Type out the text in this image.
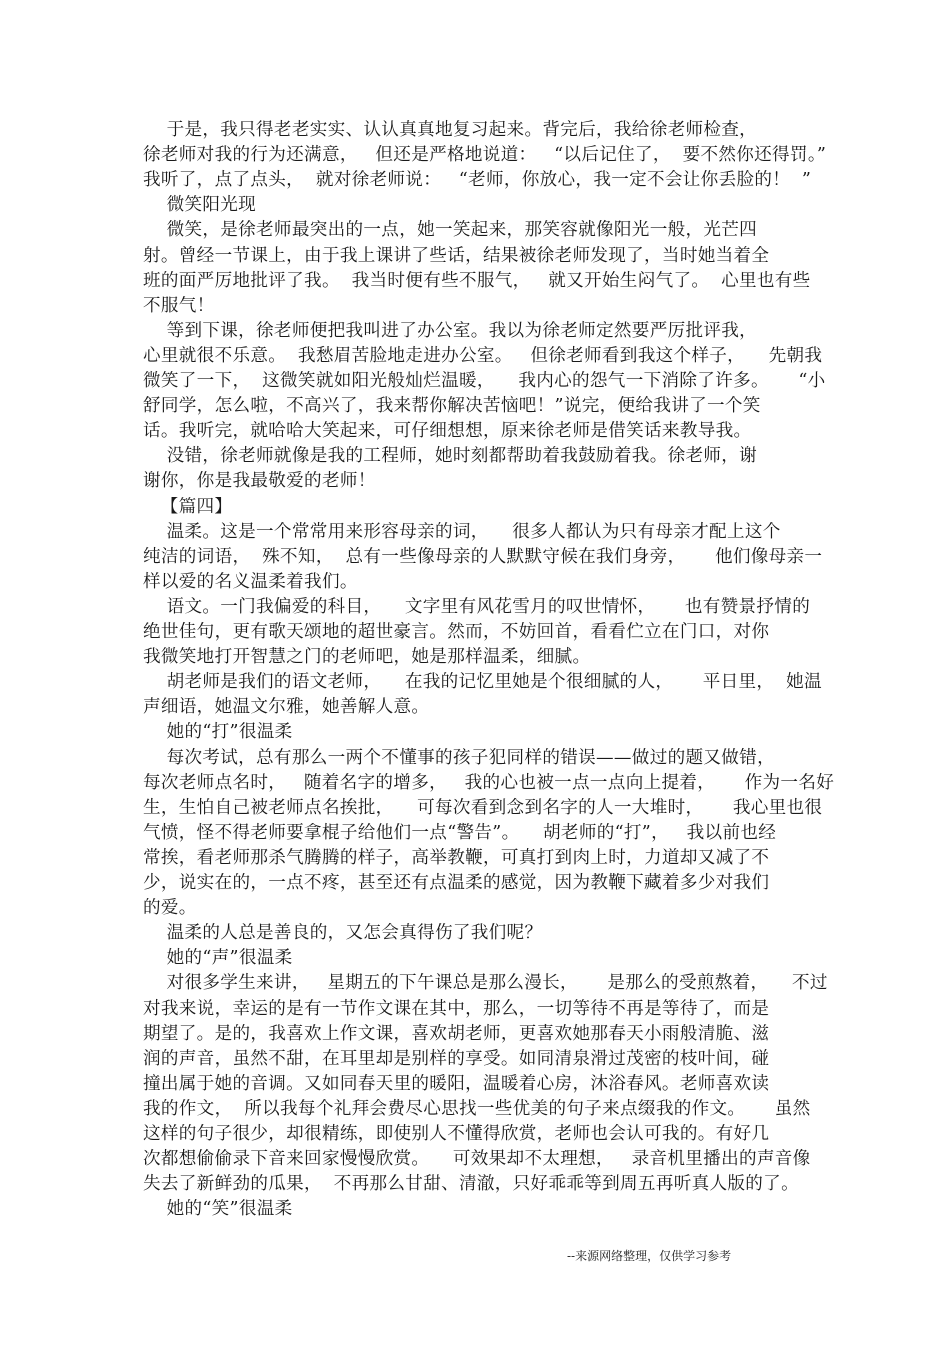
于是，我只得老老实实、认认真真地复习起来。背完后，我给徐老师检查，
徐老师对我的行为还满意，   但还是严格地说道：   “以后记住了，  要不然你还得罚。”
我听了，点了点头，  就对徐老师说：   “老师，你放心，我一定不会让你丢脸的！  ”
微笑阳光现
微笑，是徐老师最突出的一点，她一笑起来，那笑容就像阳光一般，光芒四
射。曾经一节课上，由于我上课讲了些话，结果被徐老师发现了，当时她当着全
班的面严厉地批评了我。  我当时便有些不服气，   就又开始生闷气了。  心里也有些
不服气！
等到下课，徐老师便把我叫进了办公室。我以为徐老师定然要严厉批评我，
心里就很不乐意。  我愁眉苦脸地走进办公室。   但徐老师看到我这个样子，    先朝我
微笑了一下，  这微笑就如阳光般灿烂温暖，    我内心的怨气一下消除了许多。     “小
舒同学，怎么啦，不高兴了，我来帮你解决苦恼吧！”说完，便给我讲了一个笑
话。我听完，就哈哈大笑起来，可仔细想想，原来徐老师是借笑话来教导我。
没错，徐老师就像是我的工程师，她时刻都帮助着我鼓励着我。徐老师，谢
谢你，你是我最敬爱的老师！
【篇四】
温柔。这是一个常常用来形容母亲的词，    很多人都认为只有母亲才配上这个
纯洁的词语，  殊不知，  总有一些像母亲的人默默守候在我们身旁，     他们像母亲一
样以爱的名义温柔着我们。
语文。一门我偏爱的科目，    文字里有风花雪月的叹世情怀，     也有赞景抒情的
绝世佳句，更有歌天颂地的超世豪言。然而，不妨回首，看看伫立在门口，对你
我微笑地打开智慧之门的老师吧，她是那样温柔，细腻。
胡老师是我们的语文老师，    在我的记忆里她是个很细腻的人，     平日里，  她温
声细语，她温文尔雅，她善解人意。
她的“打”很温柔
每次考试，总有那么一两个不懂事的孩子犯同样的错误——做过的题又做错，
每次老师点名时，   随着名字的增多，   我的心也被一点一点向上提着，     作为一名好
生，生怕自己被老师点名挨批，    可每次看到念到名字的人一大堆时，     我心里也很
气愤，怪不得老师要拿棍子给他们一点“警告”。    胡老师的“打”，   我以前也经
常挨，看老师那杀气腾腾的样子，高举教鞭，可真打到肉上时，力道却又减了不
少，说实在的，一点不疼，甚至还有点温柔的感觉，因为教鞭下藏着多少对我们
的爱。
温柔的人总是善良的，又怎会真得伤了我们呢？
她的“声”很温柔
对很多学生来讲，   星期五的下午课总是那么漫长，     是那么的受煎熬着，    不过
对我来说，幸运的是有一节作文课在其中，那么，一切等待不再是等待了，而是
期望了。是的，我喜欢上作文课，喜欢胡老师，更喜欢她那春天小雨般清脆、滋
润的声音，虽然不甜，在耳里却是别样的享受。如同清泉滑过茂密的枝叶间，碰
撞出属于她的音调。又如同春天里的暖阳，温暖着心房，沐浴春风。老师喜欢读
我的作文，  所以我每个礼拜会费尽心思找一些优美的句子来点缀我的作文。     虽然
这样的句子很少，却很精练，即使别人不懂得欣赏，老师也会认可我的。有好几
次都想偷偷录下音来回家慢慢欣赏。    可效果却不太理想，   录音机里播出的声音像
失去了新鲜劲的瓜果，  不再那么甘甜、清澈，只好乖乖等到周五再听真人版的了。
她的“笑”很温柔
--来源网络整理，仅供学习参考
